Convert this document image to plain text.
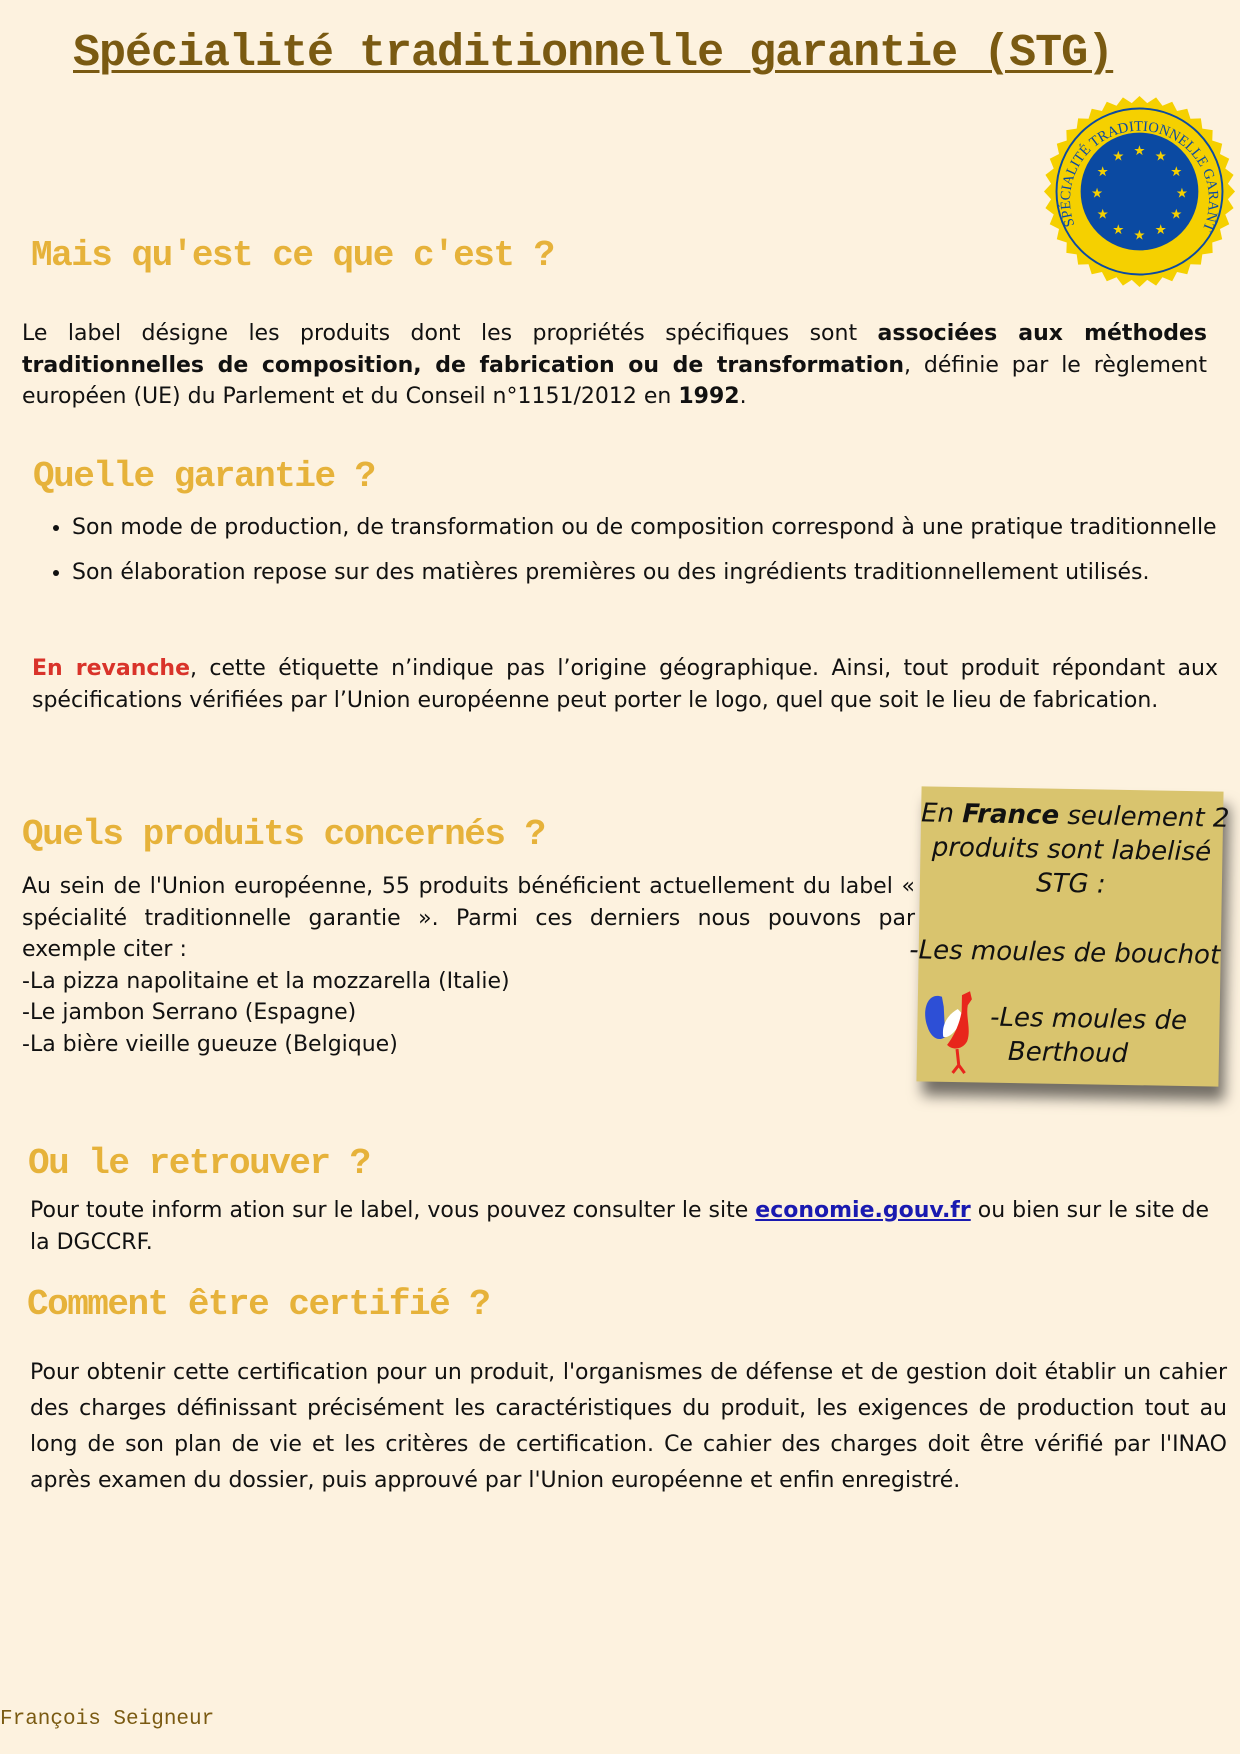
Spécialité traditionnelle garantie (STG)
★ ★
★
★
★
★
★
★
★
★
★
★
SPÉCIALITÉ TRADITIONNELLE GARANT
Mais qu'est ce que c'est ?
Le label désigne les produits dont les propriétés spécifiques sont associées aux méthodes traditionnelles de composition, de fabrication ou de transformation, définie par le règlement européen (UE) du Parlement et du Conseil n°1151/2012 en 1992.
Quelle garantie ?
• Son mode de production, de transformation ou de composition correspond à une pratique traditionnelle
• Son élaboration repose sur des matières premières ou des ingrédients traditionnellement utilisés.
En revanche, cette étiquette n’indique pas l’origine géographique. Ainsi, tout produit répondant aux spécifications vérifiées par l’Union européenne peut porter le logo, quel que soit le lieu de fabrication.
Quels produits concernés ?
Au sein de l'Union européenne, 55 produits bénéficient actuellement du label « spécialité traditionnelle garantie ». Parmi ces derniers nous pouvons par exemple citer :
-La pizza napolitaine et la mozzarella (Italie)
-Le jambon Serrano (Espagne)
-La bière vieille gueuze (Belgique)
En France seulement 2
produits sont labelisé
STG :
-Les moules de bouchot
-Les moules de
Berthoud
Ou le retrouver ?
Pour toute inform ation sur le label, vous pouvez consulter le site economie.gouv.fr ou bien sur le site de la DGCCRF.
Comment être certifié ?
Pour obtenir cette certification pour un produit, l'organismes de défense et de gestion doit établir un cahier des charges définissant précisément les caractéristiques du produit, les exigences de production tout au long de son plan de vie et les critères de certification. Ce cahier des charges doit être vérifié par l'INAO après examen du dossier, puis approuvé par l'Union européenne et enfin enregistré.
François Seigneur
